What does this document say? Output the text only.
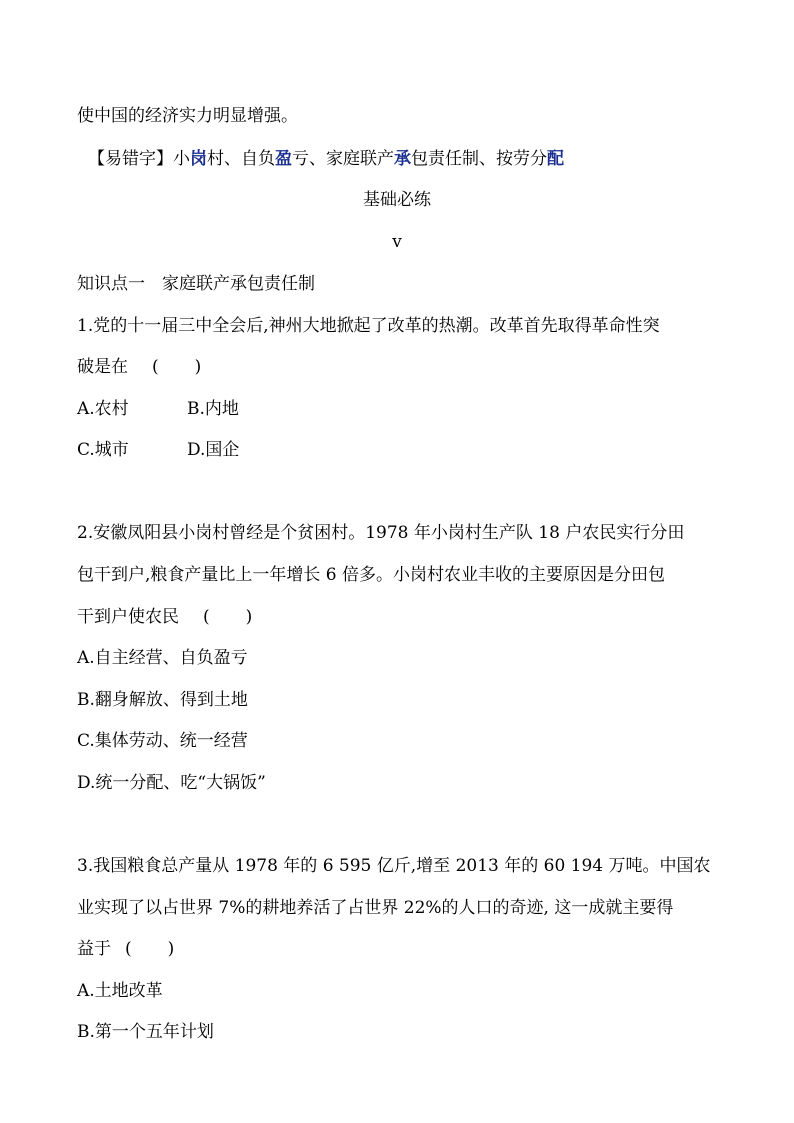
使中国的经济实力明显增强。
【易错字】小岗村、自负盈亏、家庭联产承包责任制、按劳分配
基础必练
v
知识点一　家庭联产承包责任制
1.党的十一届三中全会后,神州大地掀起了改革的热潮。改革首先取得革命性突
破是在 ( )
A.农村	B.内地
C.城市	D.国企
2.安徽凤阳县小岗村曾经是个贫困村。1978 年小岗村生产队 18 户农民实行分田
包干到户,粮食产量比上一年增长 6 倍多。小岗村农业丰收的主要原因是分田包
干到户使农民 ( )
A.自主经营、自负盈亏
B.翻身解放、得到土地
C.集体劳动、统一经营
D.统一分配、吃“大锅饭”
3.我国粮食总产量从 1978 年的 6 595 亿斤,增至 2013 年的 60 194 万吨。中国农
业实现了以占世界 7%的耕地养活了占世界 22%的人口的奇迹, 这一成就主要得
益于 ( )
A.土地改革
B.第一个五年计划
